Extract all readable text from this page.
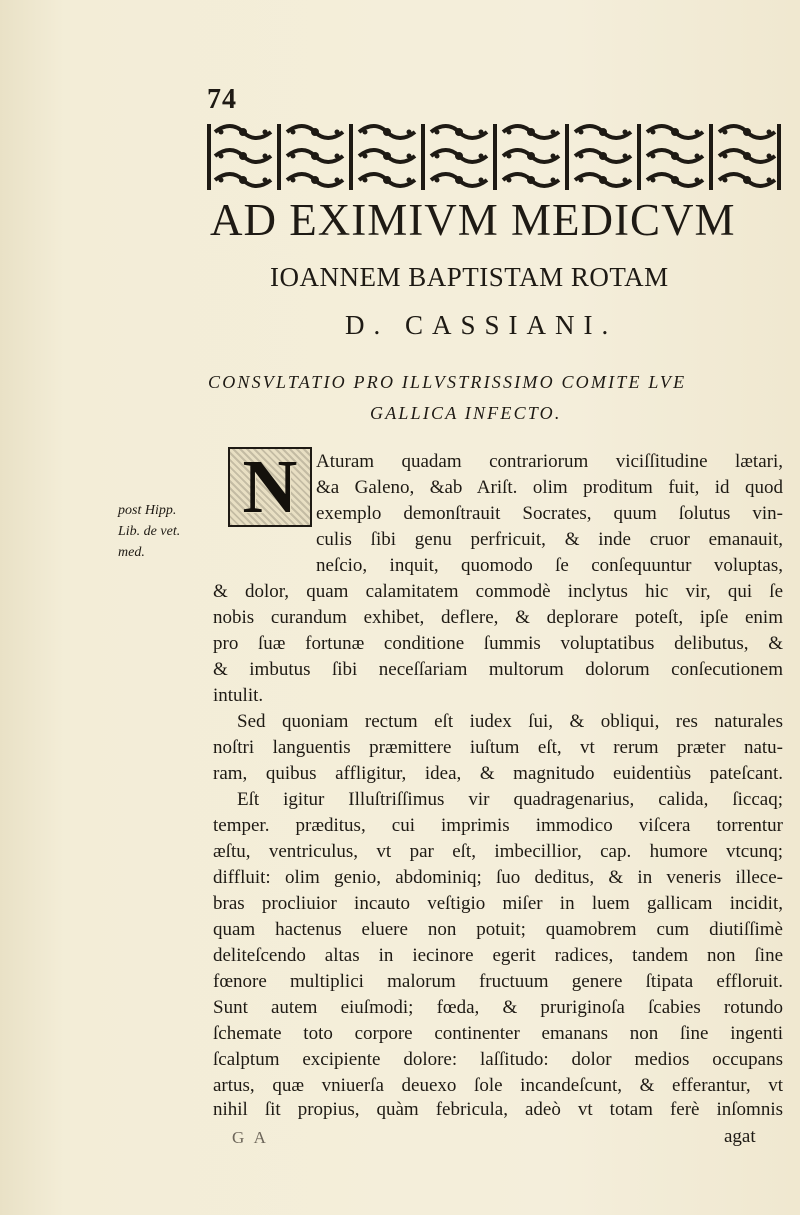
74
AD EXIMIVM MEDICVM
IOANNEM BAPTISTAM ROTAM
D. CASSIANI.
CONSVLTATIO PRO ILLVSTRISSIMO COMITE LVE
GALLICA INFECTO.
N
post Hipp.
Lib. de vet.
med.
Aturam quadam contrariorum viciſſitudine lætari,
&a Galeno, &ab Ariſt. olim proditum fuit, id quod
exemplo demonſtrauit Socrates, quum ſolutus vin-
culis ſibi genu perfricuit, & inde cruor emanauit,
neſcio, inquit, quomodo ſe conſequuntur voluptas,
& dolor, quam calamitatem commodè inclytus hic vir, qui ſe
nobis curandum exhibet, deflere, & deplorare poteſt, ipſe enim
pro ſuæ fortunæ conditione ſummis voluptatibus delibutus, &
& imbutus ſibi neceſſariam multorum dolorum conſecutionem
intulit.
Sed quoniam rectum eſt iudex ſui, & obliqui, res naturales
noſtri languentis præmittere iuſtum eſt, vt rerum præter natu-
ram, quibus affligitur, idea, & magnitudo euidentiùs pateſcant.
Eſt igitur Illuſtriſſimus vir quadragenarius, calida, ſiccaq;
temper. præditus, cui imprimis immodico viſcera torrentur
æſtu, ventriculus, vt par eſt, imbecillior, cap. humore vtcunq;
diffluit: olim genio, abdominiq; ſuo deditus, & in veneris illece-
bras procliuior incauto veſtigio miſer in luem gallicam incidit,
quam hactenus eluere non potuit; quamobrem cum diutiſſimè
deliteſcendo altas in iecinore egerit radices, tandem non ſine
fœnore multiplici malorum fructuum genere ſtipata effloruit.
Sunt autem eiuſmodi; fœda, & pruriginoſa ſcabies rotundo
ſchemate toto corpore continenter emanans non ſine ingenti
ſcalptum excipiente dolore: laſſitudo: dolor medios occupans
artus, quæ vniuerſa deuexo ſole incandeſcunt, & efferantur, vt
nihil ſit propius, quàm febricula, adeò vt totam ferè inſomnis
agat
G A
